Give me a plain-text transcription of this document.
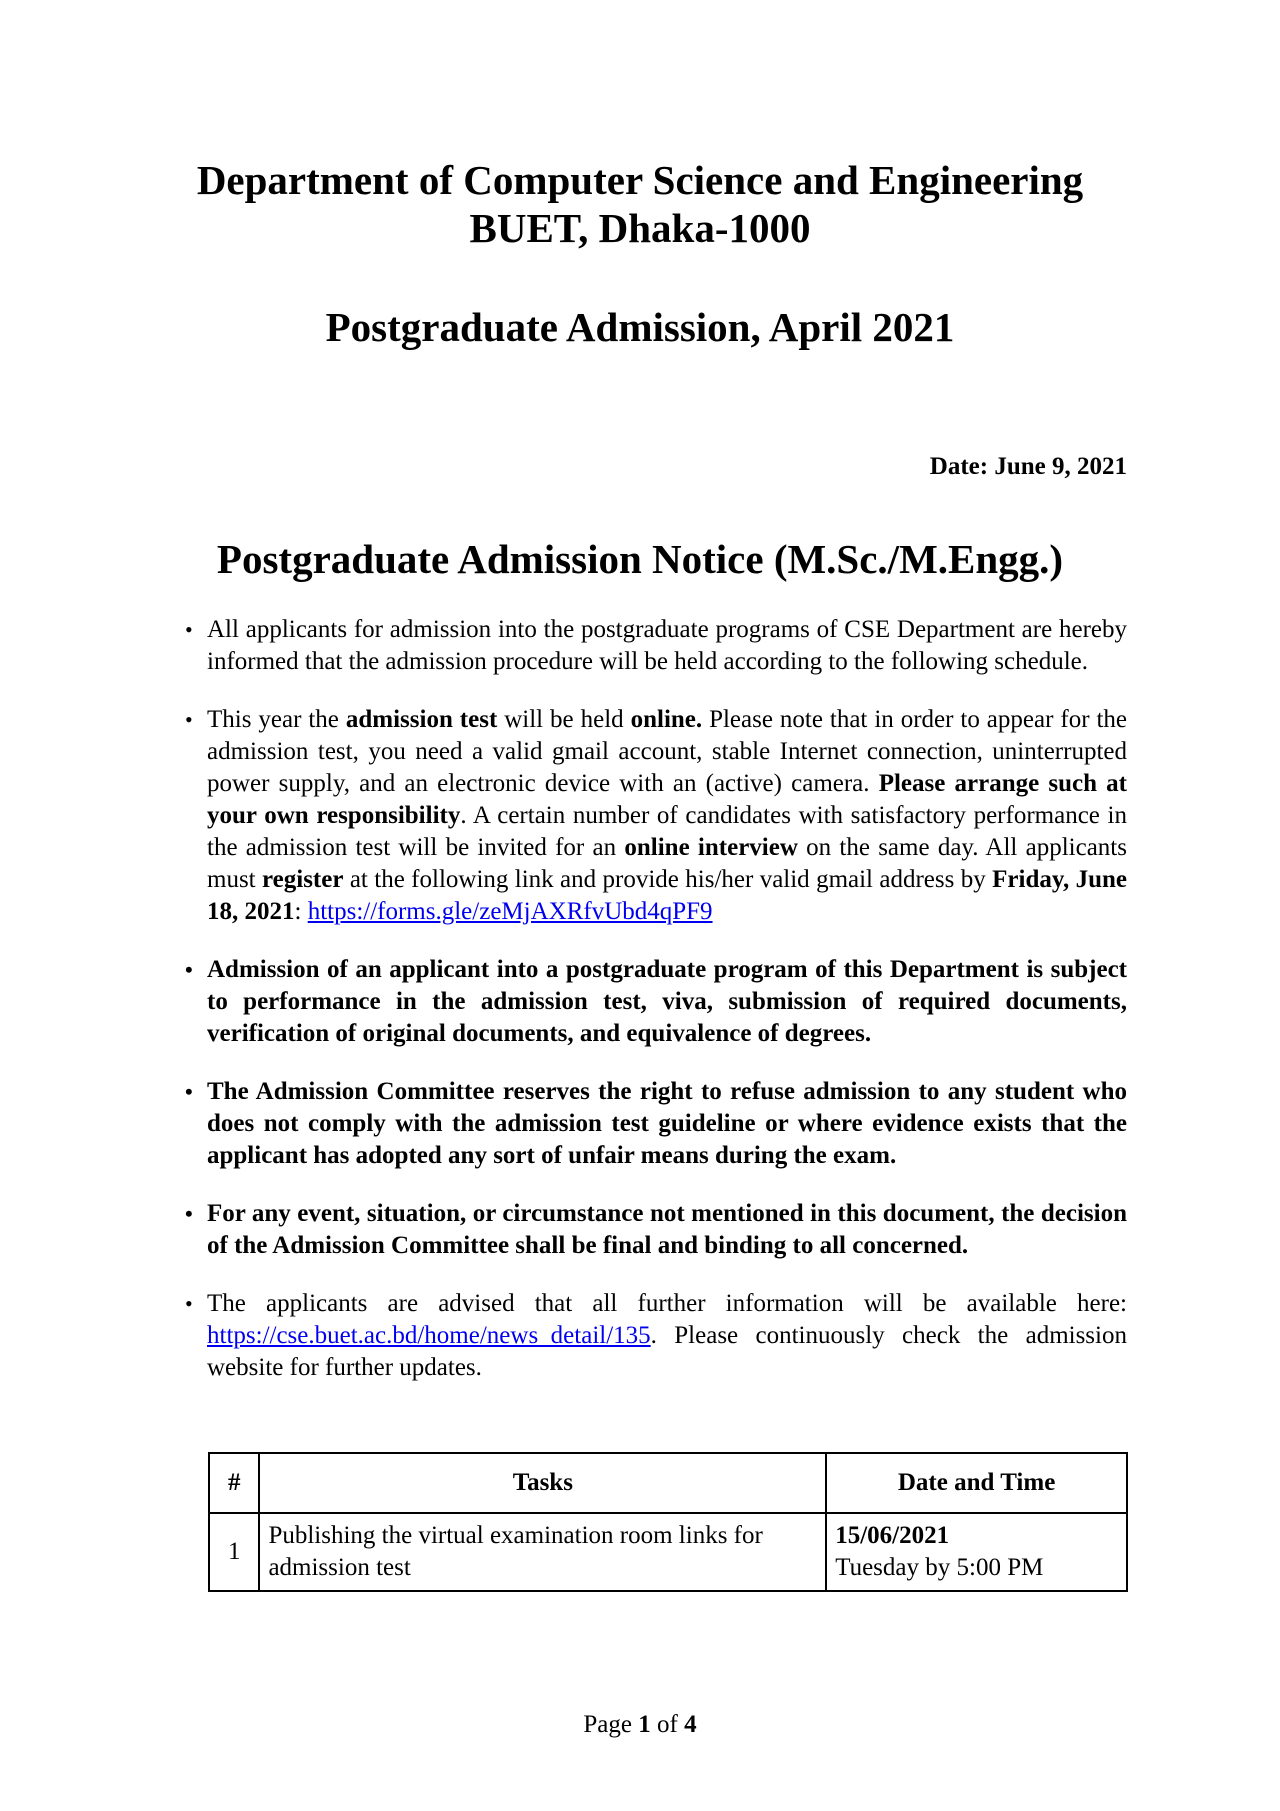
Department of Computer Science and Engineering
BUET, Dhaka-1000
Postgraduate Admission, April 2021
Date: June 9, 2021
Postgraduate Admission Notice (M.Sc./M.Engg.)
• All applicants for admission into the postgraduate programs of CSE Department are hereby informed that the admission procedure will be held according to the following schedule.
• This year the admission test will be held online. Please note that in order to appear for the admission test, you need a valid gmail account, stable Internet connection, uninterrupted power supply, and an electronic device with an (active) camera. Please arrange such at your own responsibility. A certain number of candidates with satisfactory performance in the admission test will be invited for an online interview on the same day. All applicants must register at the following link and provide his/her valid gmail address by Friday, June 18, 2021: https://forms.gle/zeMjAXRfvUbd4qPF9
• Admission of an applicant into a postgraduate program of this Department is subject to performance in the admission test, viva, submission of required documents, verification of original documents, and equivalence of degrees.
• The Admission Committee reserves the right to refuse admission to any student who does not comply with the admission test guideline or where evidence exists that the applicant has adopted any sort of unfair means during the exam.
• For any event, situation, or circumstance not mentioned in this document, the decision of the Admission Committee shall be final and binding to all concerned.
• The applicants are advised that all further information will be available here: https://cse.buet.ac.bd/home/news_detail/135. Please continuously check the admission website for further updates.
#	Tasks	Date and Time
1	Publishing the virtual examination room links for admission test	15/06/2021
Tuesday by 5:00 PM
Page 1 of 4
